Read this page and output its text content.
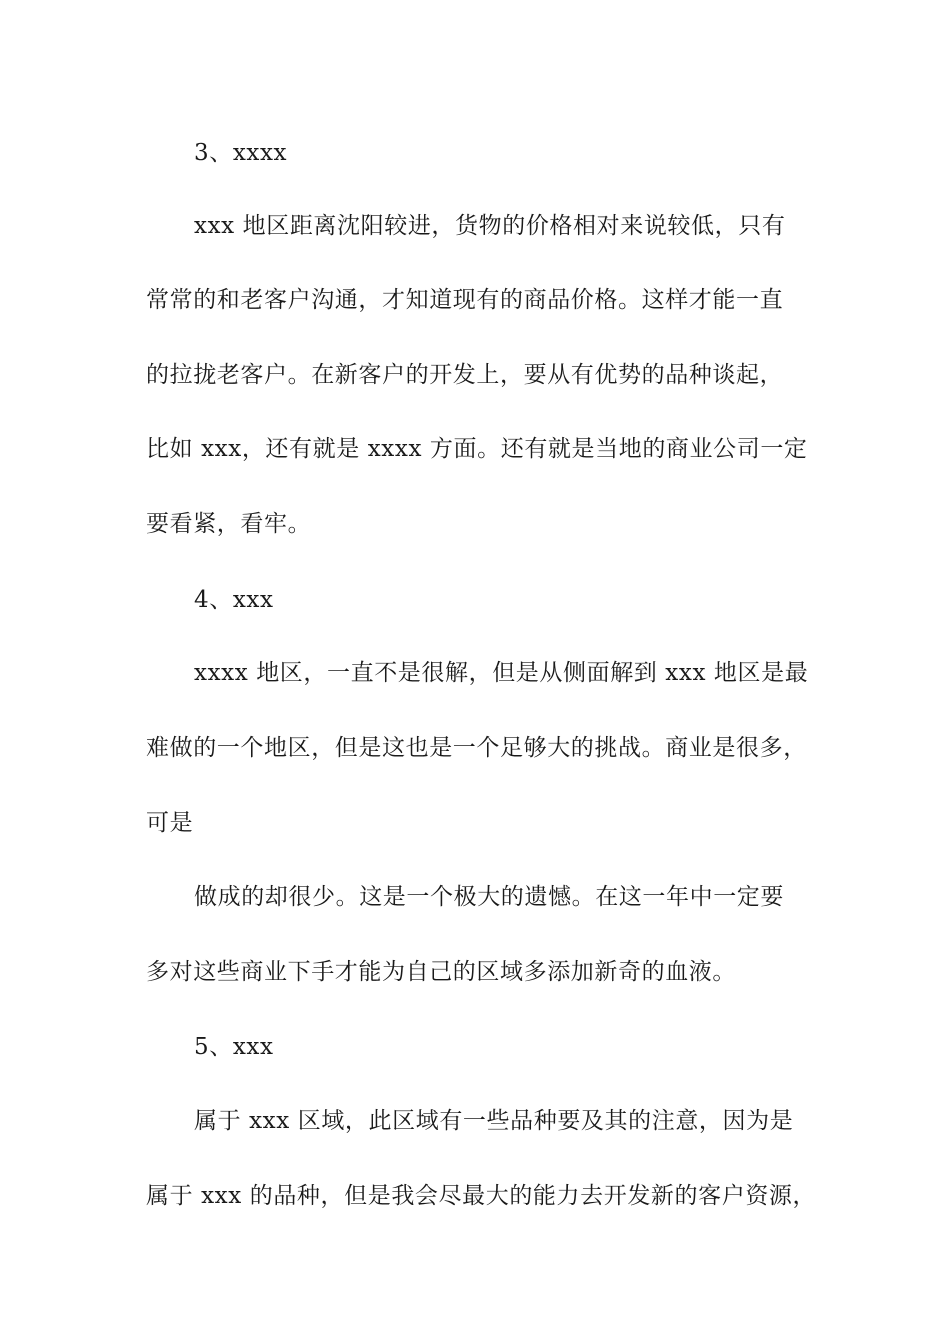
3、xxxx
xxx 地区距离沈阳较进，货物的价格相对来说较低，只有
常常的和老客户沟通，才知道现有的商品价格。这样才能一直
的拉拢老客户。在新客户的开发上，要从有优势的品种谈起，
比如 xxx，还有就是 xxxx 方面。还有就是当地的商业公司一定
要看紧，看牢。
4、xxx
xxxx 地区，一直不是很解，但是从侧面解到 xxx 地区是最
难做的一个地区，但是这也是一个足够大的挑战。商业是很多，
可是
做成的却很少。这是一个极大的遗憾。在这一年中一定要
多对这些商业下手才能为自己的区域多添加新奇的血液。
5、xxx
属于 xxx 区域，此区域有一些品种要及其的注意，因为是
属于 xxx 的品种，但是我会尽最大的能力去开发新的客户资源，
